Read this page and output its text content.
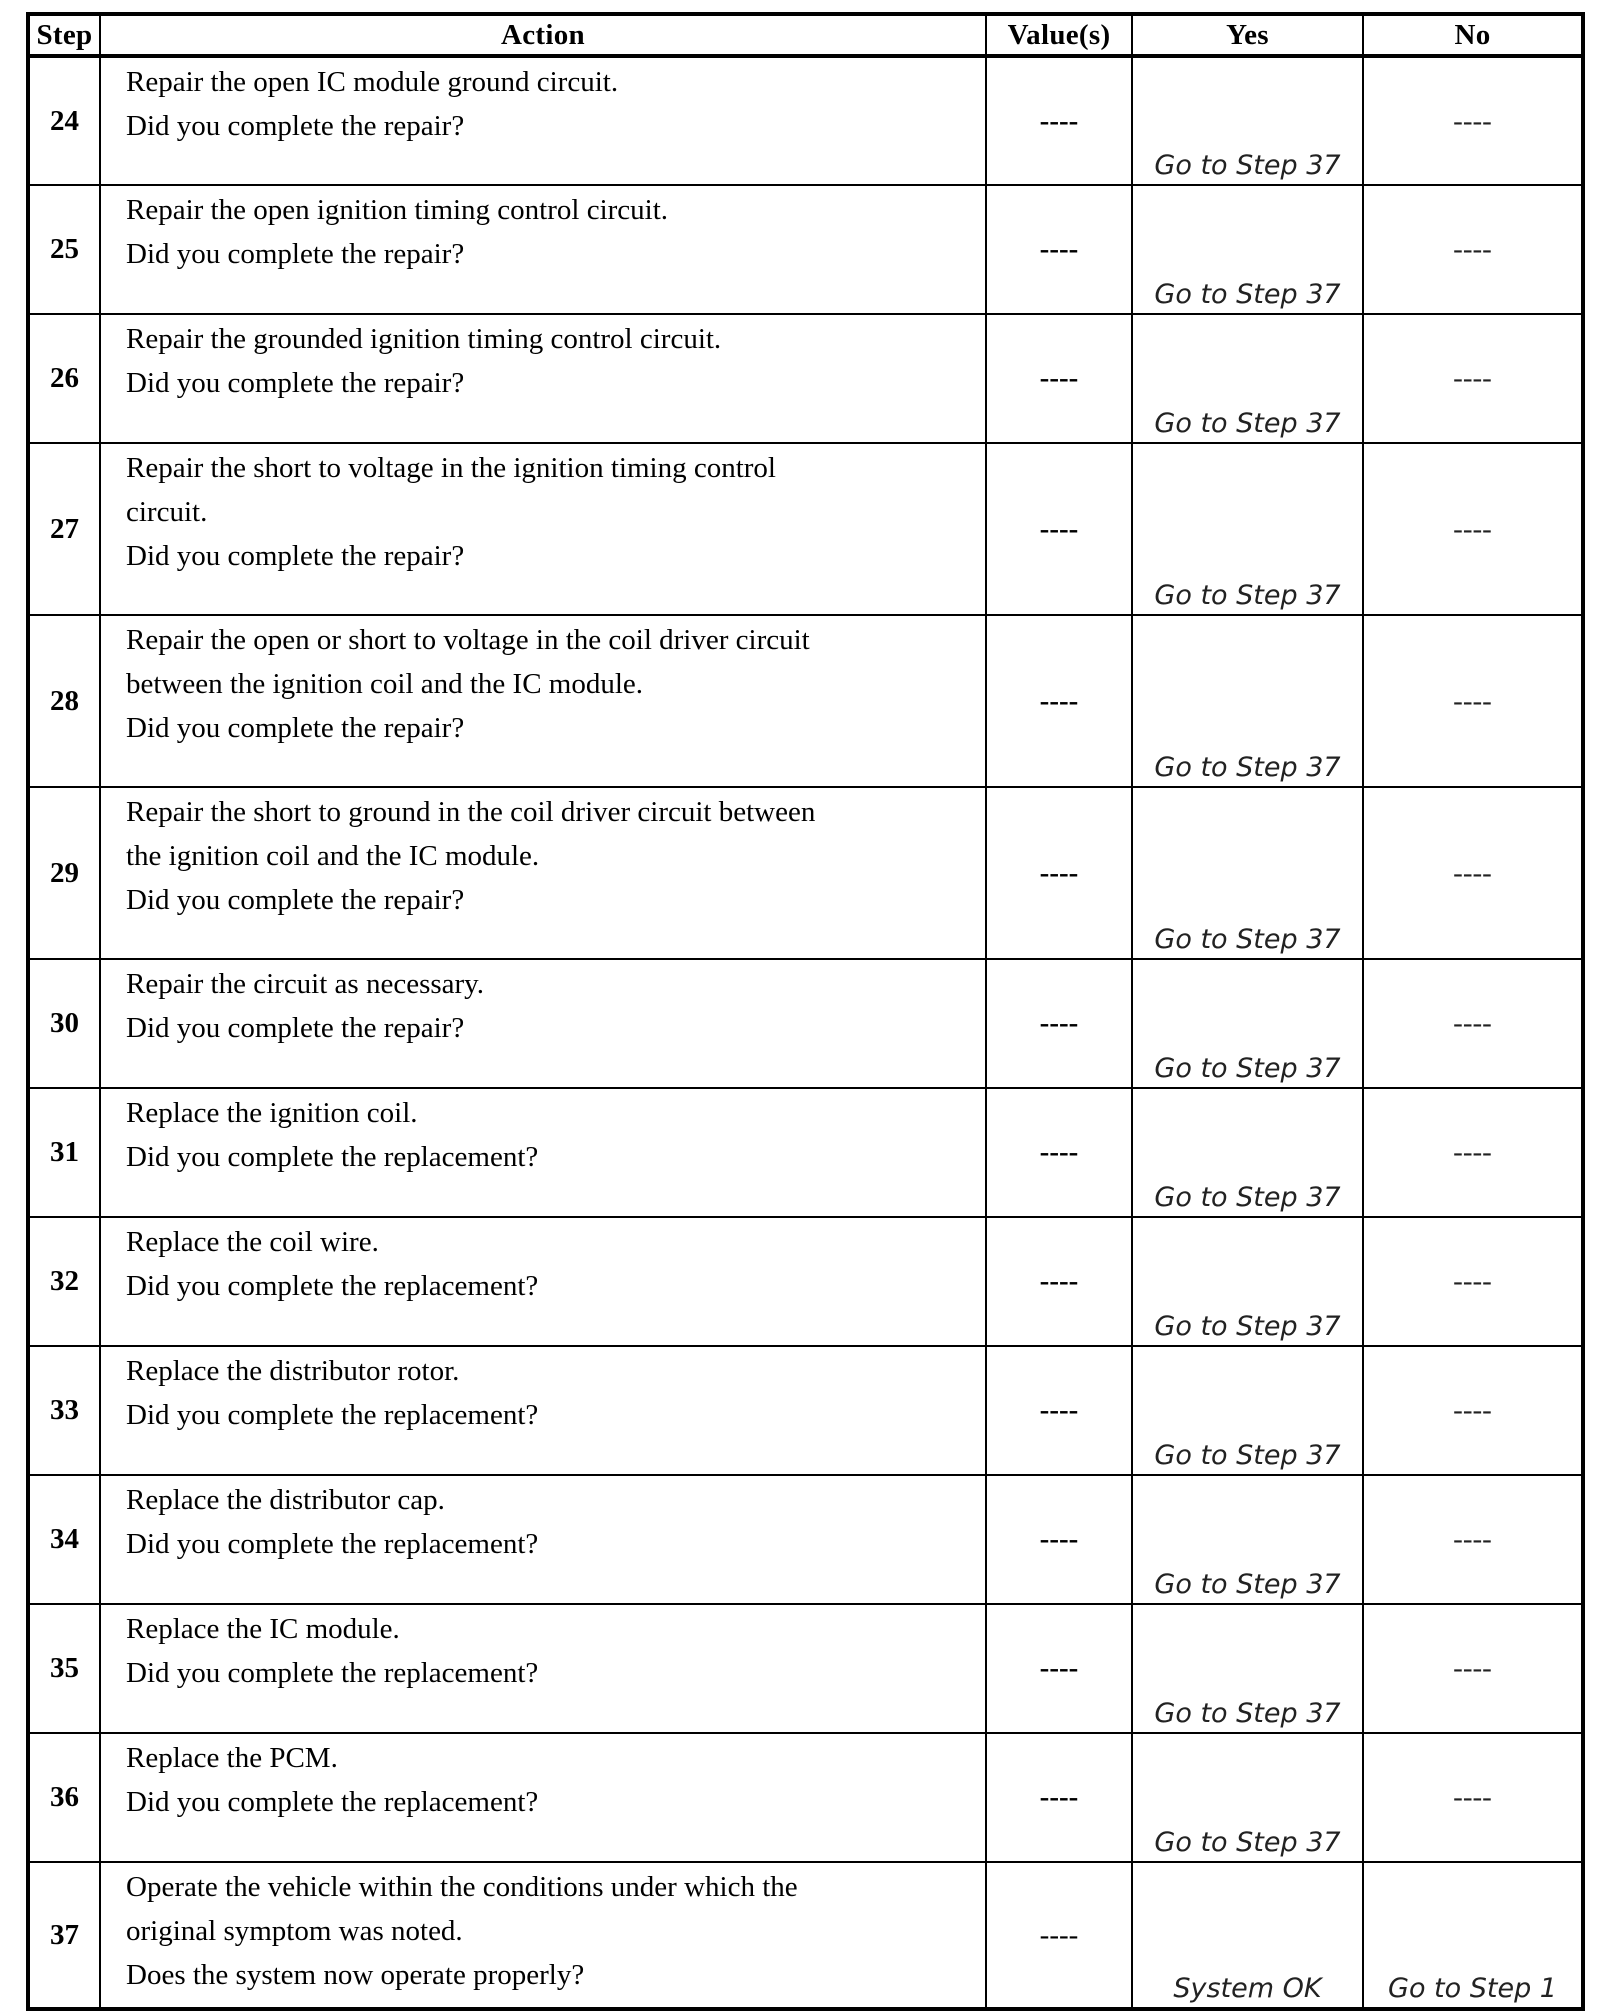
Step	Action	Value(s)	Yes	No
24	Repair the open IC module ground circuit.
Did you complete the repair?	----	Go to Step 37	----
25	Repair the open ignition timing control circuit.
Did you complete the repair?	----	Go to Step 37	----
26	Repair the grounded ignition timing control circuit.
Did you complete the repair?	----	Go to Step 37	----
27	Repair the short to voltage in the ignition timing control
circuit.
Did you complete the repair?	----	Go to Step 37	----
28	Repair the open or short to voltage in the coil driver circuit
between the ignition coil and the IC module.
Did you complete the repair?	----	Go to Step 37	----
29	Repair the short to ground in the coil driver circuit between
the ignition coil and the IC module.
Did you complete the repair?	----	Go to Step 37	----
30	Repair the circuit as necessary.
Did you complete the repair?	----	Go to Step 37	----
31	Replace the ignition coil.
Did you complete the replacement?	----	Go to Step 37	----
32	Replace the coil wire.
Did you complete the replacement?	----	Go to Step 37	----
33	Replace the distributor rotor.
Did you complete the replacement?	----	Go to Step 37	----
34	Replace the distributor cap.
Did you complete the replacement?	----	Go to Step 37	----
35	Replace the IC module.
Did you complete the replacement?	----	Go to Step 37	----
36	Replace the PCM.
Did you complete the replacement?	----	Go to Step 37	----
37	Operate the vehicle within the conditions under which the
original symptom was noted.
Does the system now operate properly?	----	System OK	Go to Step 1
